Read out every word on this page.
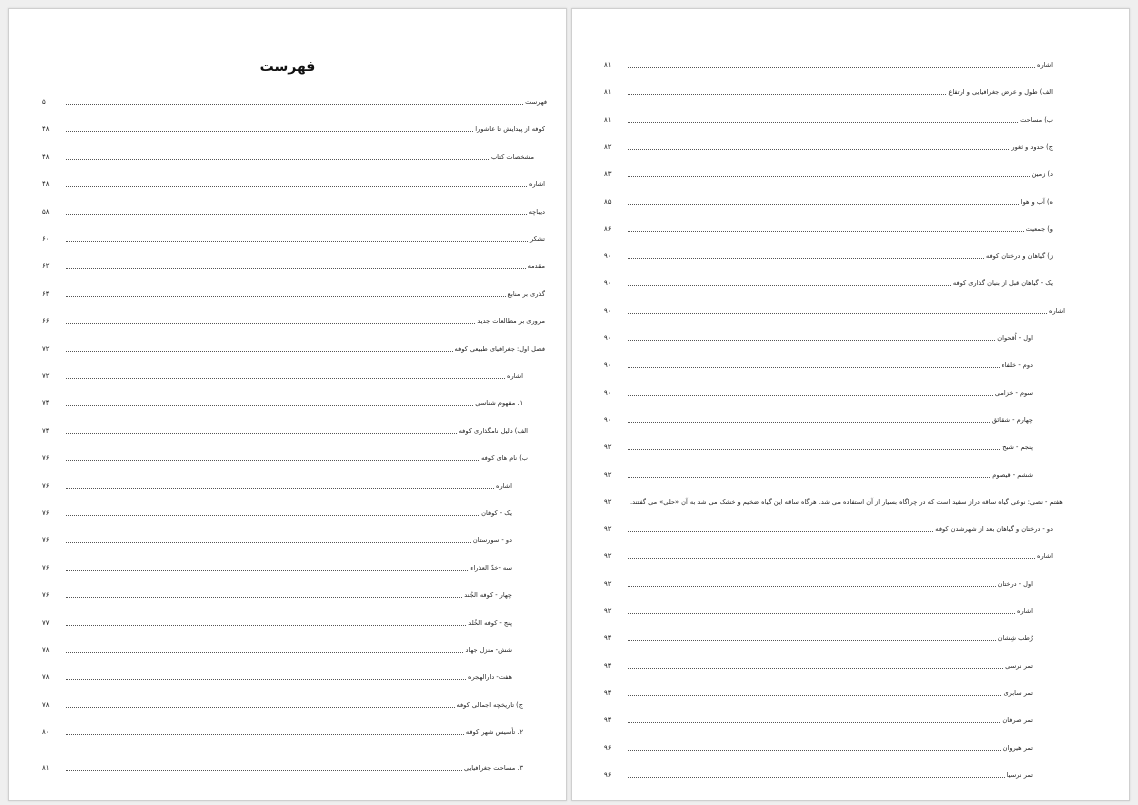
فهرست
۵	فهرست
۴۸	کوفه از پیدایش تا عاشورا
۴۸	مشخصات کتاب
۴۸	اشاره
۵۸	دیباچه
۶۰	تشکر
۶۲	مقدمه
۶۴	گذری بر منابع
۶۶	مروری بر مطالعات جدید
۷۲	فصل اول: جغرافیای طبیعی کوفه
۷۲	اشاره
۷۴	۱. مفهوم شناسی
۷۴	الف) دلیل نامگذاری کوفه
۷۶	ب) نام های کوفه
۷۶	اشاره
۷۶	یک - کوفان
۷۶	دو - سورستان
۷۶	سه -خدّ العذراء
۷۶	چهار - کوفه الجُند
۷۷	پنج - کوفه الخُلد
۷۸	شش- منزل جهاد
۷۸	هفت- دارالهجره
۷۸	ج) تاریخچه اجمالی کوفه
۸۰	۲. تأسیس شهر کوفه
۸۱	۳. مساحت جغرافیایی
۸۱	اشاره
۸۱	الف) طول و عرض جغرافیایی و ارتفاع
۸۱	ب) مساحت
۸۲	ج) حدود و ثغور
۸۳	د) زمین
۸۵	ه) آب و هوا
۸۶	و) جمعیت
۹۰	ز) گیاهان و درختان کوفه
۹۰	یک - گیاهان قبل از بنیان گذاری کوفه
۹۰	اشاره
۹۰	اول - اُقحوان
۹۰	دوم - خلفاء
۹۰	سوم - خزامی
۹۰	چهارم - شقائق
۹۲	پنجم - شیح
۹۲	ششم - قیصوم
۹۲	هفتم - نصی: نوعی گیاه ساقه دراز سفید است که در چراگاه بسیار از آن استفاده می شد. هرگاه ساقه این گیاه ضخیم و خشک می شد به آن «حلی» می گفتند.
۹۲	دو - درختان و گیاهان بعد از شهرشدن کوفه
۹۲	اشاره
۹۲	اول - درختان
۹۲	اشاره
۹۴	رُطب شِشان
۹۴	تمر نرسی
۹۴	تمر سابری
۹۴	تمر صرفان
۹۶	تمر هیروان
۹۶	تمر نرسیا
